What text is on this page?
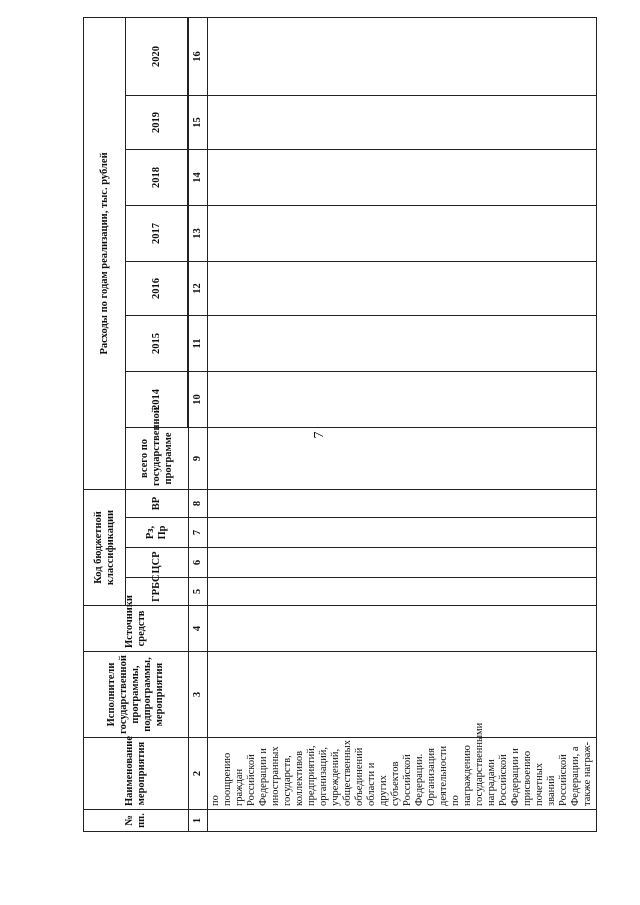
7
№ пп.	Наименование мероприятия	Исполнители государственной программы, подпрограммы, мероприятия	Источники средств	Код бюджетной классификации				Расходы по годам реализации, тыс. рублей							
				ГРБС	ЦСР	Рз, Пр	ВР	всего по государственной программе	2014	2015	2016	2017	2018	2019	2020

1	2	3	4	5	6	7	8	9	10	11	12	13	14	15	16
	по поощрению граждан Российской Федерации и иностранных государств, коллективов предприятий, организаций, учреждений, общественных объединений области и других субъектов Российской Федерации. Организация деятельности по награждению государственными наградами Российской Федерации и присвоению почетных званий Российской Федерации, а также награж-														
